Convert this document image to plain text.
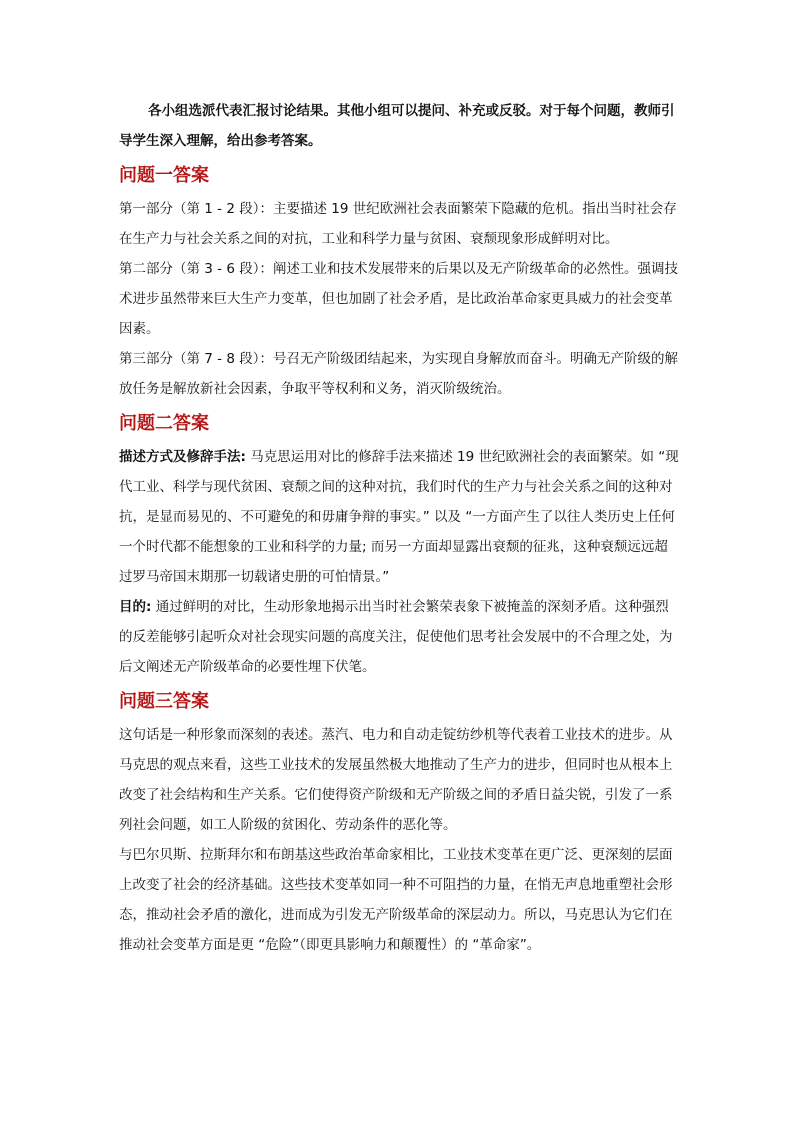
各小组选派代表汇报讨论结果。其他小组可以提问、补充或反驳。对于每个问题，教师引导学生深入理解，给出参考答案。

问题一答案

第一部分（第 1 - 2 段）：主要描述 19 世纪欧洲社会表面繁荣下隐藏的危机。指出当时社会存在生产力与社会关系之间的对抗，工业和科学力量与贫困、衰颓现象形成鲜明对比。

第二部分（第 3 - 6 段）：阐述工业和技术发展带来的后果以及无产阶级革命的必然性。强调技术进步虽然带来巨大生产力变革，但也加剧了社会矛盾，是比政治革命家更具威力的社会变革因素。

第三部分（第 7 - 8 段）：号召无产阶级团结起来，为实现自身解放而奋斗。明确无产阶级的解放任务是解放新社会因素，争取平等权利和义务，消灭阶级统治。

问题二答案

描述方式及修辞手法: 马克思运用对比的修辞手法来描述 19 世纪欧洲社会的表面繁荣。如 “现代工业、科学与现代贫困、衰颓之间的这种对抗，我们时代的生产力与社会关系之间的这种对抗，是显而易见的、不可避免的和毋庸争辩的事实。” 以及 “一方面产生了以往人类历史上任何一个时代都不能想象的工业和科学的力量; 而另一方面却显露出衰颓的征兆，这种衰颓远远超过罗马帝国末期那一切载诸史册的可怕情景。”

目的: 通过鲜明的对比，生动形象地揭示出当时社会繁荣表象下被掩盖的深刻矛盾。这种强烈的反差能够引起听众对社会现实问题的高度关注，促使他们思考社会发展中的不合理之处，为后文阐述无产阶级革命的必要性埋下伏笔。

问题三答案

这句话是一种形象而深刻的表述。蒸汽、电力和自动走锭纺纱机等代表着工业技术的进步。从马克思的观点来看，这些工业技术的发展虽然极大地推动了生产力的进步，但同时也从根本上改变了社会结构和生产关系。它们使得资产阶级和无产阶级之间的矛盾日益尖锐，引发了一系列社会问题，如工人阶级的贫困化、劳动条件的恶化等。

与巴尔贝斯、拉斯拜尔和布朗基这些政治革命家相比，工业技术变革在更广泛、更深刻的层面上改变了社会的经济基础。这些技术变革如同一种不可阻挡的力量，在悄无声息地重塑社会形态，推动社会矛盾的激化，进而成为引发无产阶级革命的深层动力。所以，马克思认为它们在推动社会变革方面是更 “危险”（即更具影响力和颠覆性）的 “革命家”。
